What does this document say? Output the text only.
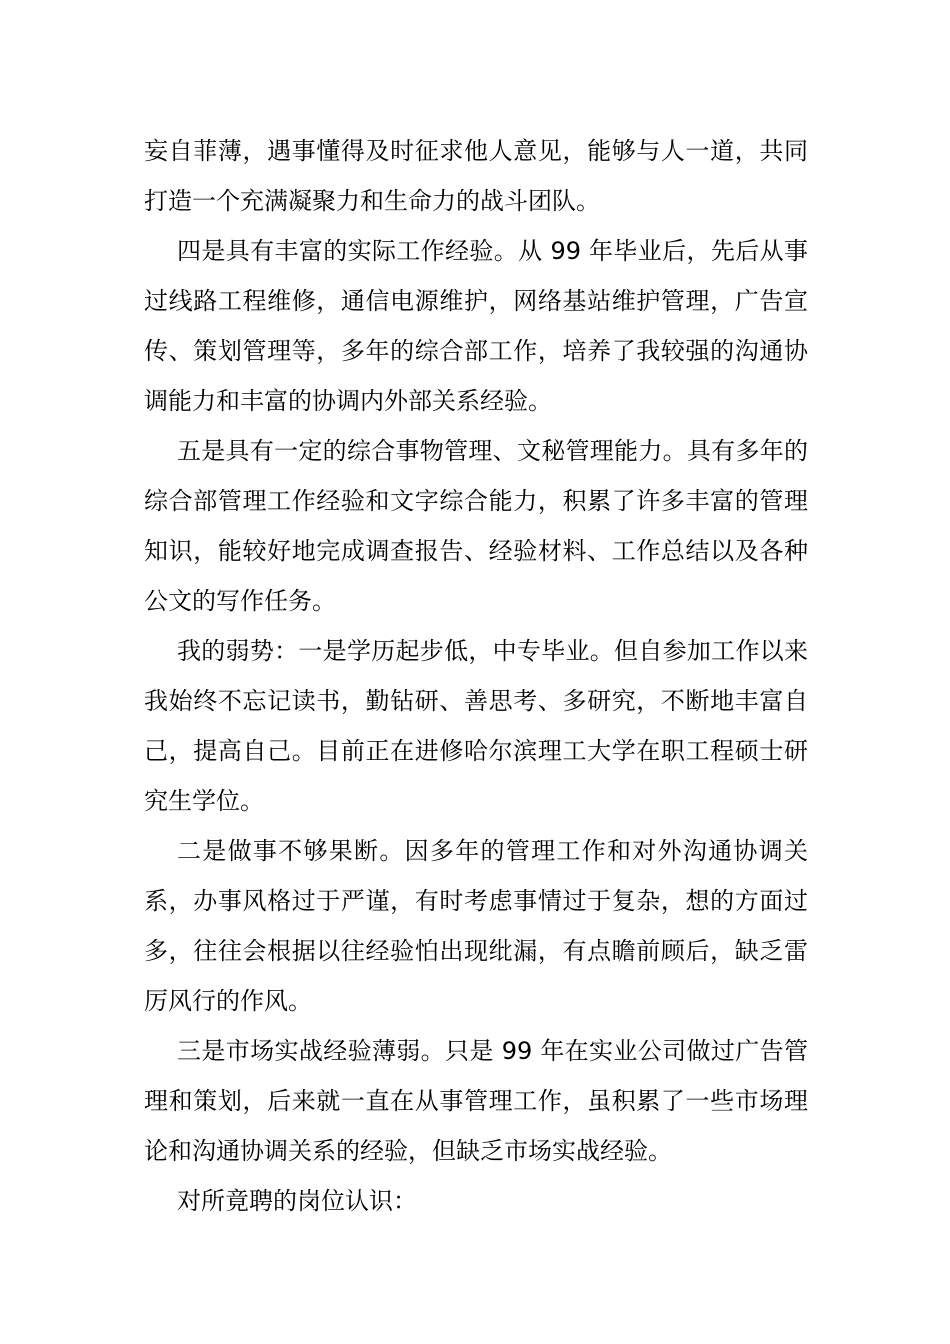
妄自菲薄，遇事懂得及时征求他人意见，能够与人一道，共同打造一个充满凝聚力和生命力的战斗团队。

四是具有丰富的实际工作经验。从 99 年毕业后，先后从事过线路工程维修，通信电源维护，网络基站维护管理，广告宣传、策划管理等，多年的综合部工作，培养了我较强的沟通协调能力和丰富的协调内外部关系经验。

五是具有一定的综合事物管理、文秘管理能力。具有多年的综合部管理工作经验和文字综合能力，积累了许多丰富的管理知识，能较好地完成调查报告、经验材料、工作总结以及各种公文的写作任务。

我的弱势：一是学历起步低，中专毕业。但自参加工作以来我始终不忘记读书，勤钻研、善思考、多研究，不断地丰富自己，提高自己。目前正在进修哈尔滨理工大学在职工程硕士研究生学位。

二是做事不够果断。因多年的管理工作和对外沟通协调关系，办事风格过于严谨，有时考虑事情过于复杂，想的方面过多，往往会根据以往经验怕出现纰漏，有点瞻前顾后，缺乏雷厉风行的作风。

三是市场实战经验薄弱。只是 99 年在实业公司做过广告管理和策划，后来就一直在从事管理工作，虽积累了一些市场理论和沟通协调关系的经验，但缺乏市场实战经验。

对所竟聘的岗位认识：
